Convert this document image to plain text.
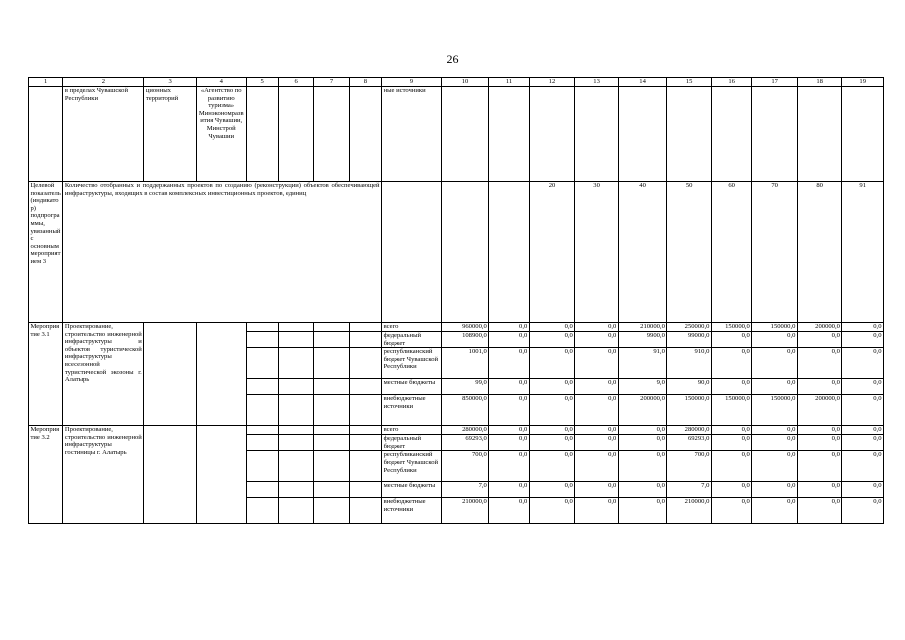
26
1	2	3	4	5	6	7	8	9	10	11	12	13	14	15	16	17	18	19
	в пределах Чувашской Республики	ционных территорий	«Агентство по развитию туризма» Минэкономразвития Чувашии, Минстрой Чувашии					ные источники										
Целевой показатель (индикатор) подпрограммы, увязанный с основным мероприятием 3	Количество отобранных и поддержанных проектов по созданию (реконструкции) объектов обеспечивающей инфраструктуры, входящих в состав комплексных инвестиционных проектов, единиц										20	30	40	50	60	70	80	91
Мероприятие 3.1	Проектирование, строительство инженерной инфраструктуры и объектов туристической инфраструктуры всесезонной туристической экозоны г. Алатырь							всего	960000,0	0,0	0,0	0,0	210000,0	250000,0	150000,0	150000,0	200000,0	0,0
								федеральный бюджет	108900,0	0,0	0,0	0,0	9900,0	99000,0	0,0	0,0	0,0	0,0
								республиканский бюджет Чувашской Республики	1001,0	0,0	0,0	0,0	91,0	910,0	0,0	0,0	0,0	0,0
								местные бюджеты	99,0	0,0	0,0	0,0	9,0	90,0	0,0	0,0	0,0	0,0
								внебюджетные источники	850000,0	0,0	0,0	0,0	200000,0	150000,0	150000,0	150000,0	200000,0	0,0
Мероприятие 3.2	Проектирование, строительство инженерной инфраструктуры гостиницы г. Алатырь							всего	280000,0	0,0	0,0	0,0	0,0	280000,0	0,0	0,0	0,0	0,0
								федеральный бюджет	69293,0	0,0	0,0	0,0	0,0	69293,0	0,0	0,0	0,0	0,0
								республиканский бюджет Чувашской Республики	700,0	0,0	0,0	0,0	0,0	700,0	0,0	0,0	0,0	0,0
								местные бюджеты	7,0	0,0	0,0	0,0	0,0	7,0	0,0	0,0	0,0	0,0
								внебюджетные источники	210000,0	0,0	0,0	0,0	0,0	210000,0	0,0	0,0	0,0	0,0
